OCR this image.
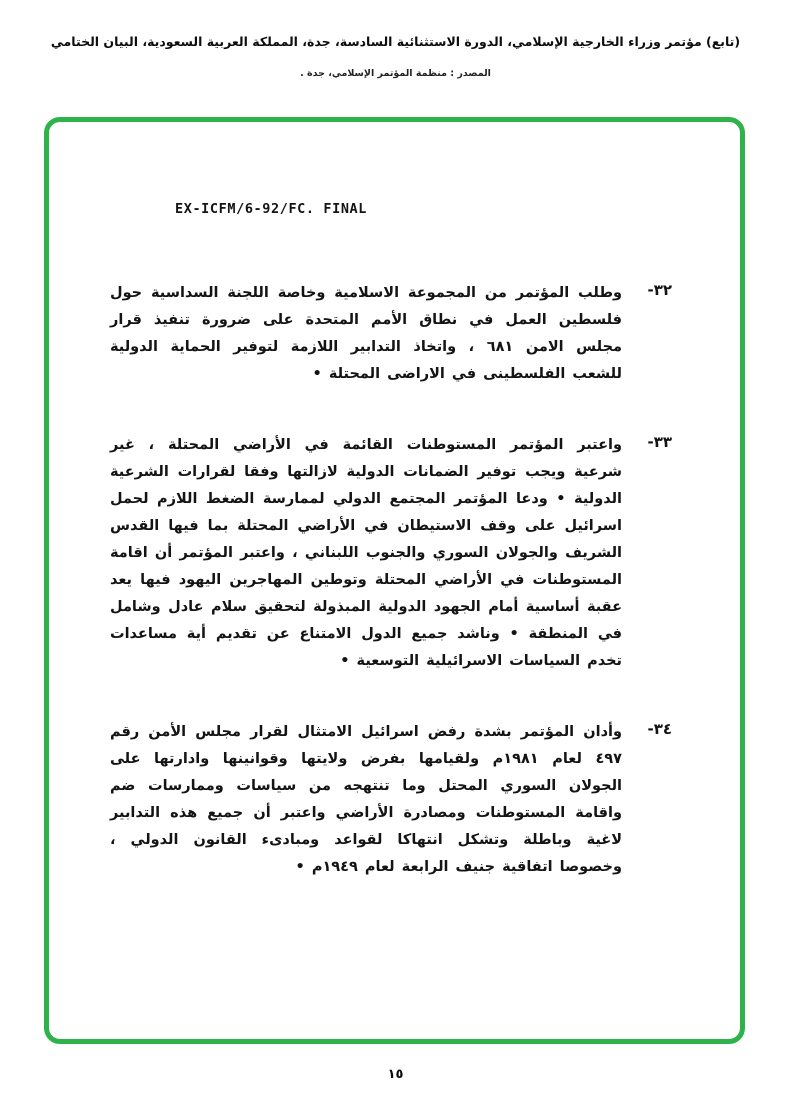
(تابع) مؤتمر وزراء الخارجية الإسلامي، الدورة الاستثنائية السادسة، جدة، المملكة العربية السعودية، البيان الختامي
المصدر : منظمة المؤتمر الإسلامي، جدة .
EX-ICFM/6-92/FC. FINAL
٣٢-
وطلب المؤتمر من المجموعة الاسلامية وخاصة اللجنة السداسية حول فلسطين العمل في نطاق الأمم المتحدة على ضرورة تنفيذ قرار مجلس الامن ٦٨١ ، واتخاذ التدابير اللازمة لتوفير الحماية الدولية للشعب الفلسطينى في الاراضى المحتلة •
٣٣-
واعتبر المؤتمر المستوطنات القائمة في الأراضي المحتلة ، غير شرعية ويجب توفير الضمانات الدولية لازالتها وفقا لقرارات الشرعية الدولية • ودعا المؤتمر المجتمع الدولي لممارسة الضغط اللازم لحمل اسرائيل على وقف الاستيطان في الأراضي المحتلة بما فيها القدس الشريف والجولان السوري والجنوب اللبناني ، واعتبر المؤتمر أن اقامة المستوطنات في الأراضي المحتلة وتوطين المهاجرين اليهود فيها يعد عقبة أساسية أمام الجهود الدولية المبذولة لتحقيق سلام عادل وشامل في المنطقة • وناشد جميع الدول الامتناع عن تقديم أية مساعدات تخدم السياسات الاسرائيلية التوسعية •
٣٤-
وأدان المؤتمر بشدة رفض اسرائيل الامتثال لقرار مجلس الأمن رقم ٤٩٧ لعام ١٩٨١م ولقيامها بفرض ولايتها وقوانينها وادارتها على الجولان السوري المحتل وما تنتهجه من سياسات وممارسات ضم واقامة المستوطنات ومصادرة الأراضي واعتبر أن جميع هذه التدابير لاغية وباطلة وتشكل انتهاكا لقواعد ومبادىء القانون الدولي ، وخصوصا اتفاقية جنيف الرابعة لعام ١٩٤٩م •
١٥
